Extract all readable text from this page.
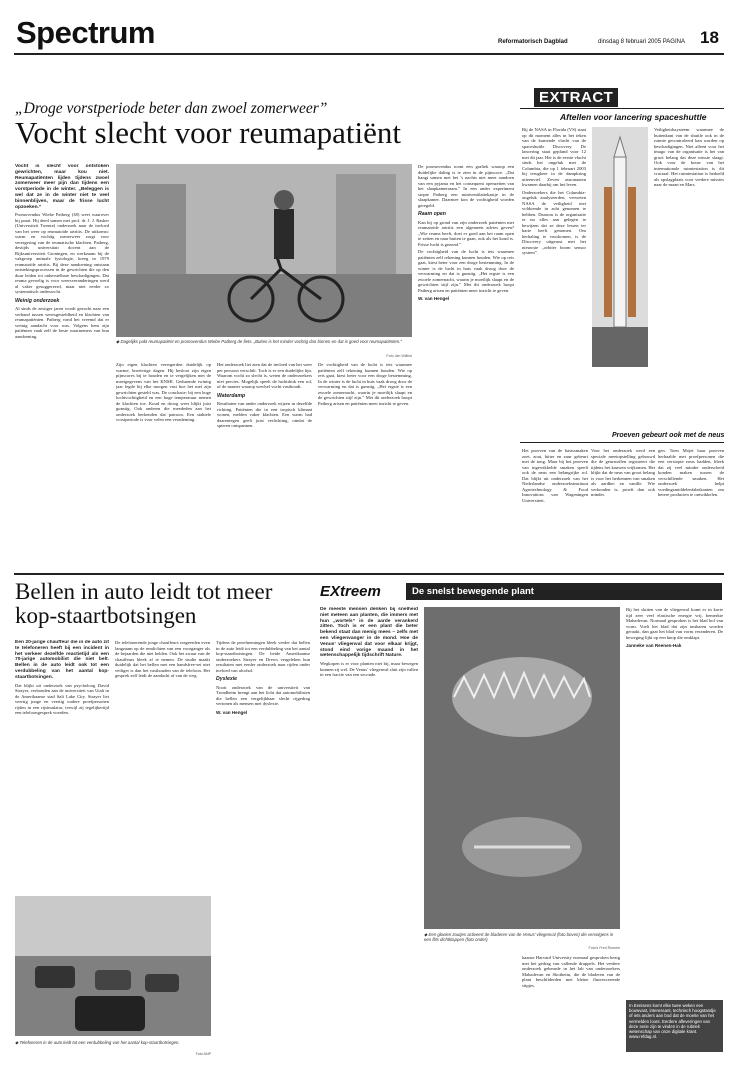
Spectrum	Reformatorisch Dagblad	dinsdag 8 februari 2005 PAGINA 18
„Droge vorstperiode beter dan zwoel zomerweer”
Vocht slecht voor reumapatiënt

Vocht is slecht voor ontstoken gewrichten, maar kou niet. Reumapatiënten lijden tijdens zwoel zomerweer meer pijn dan tijdens een vorstperiode in de winter. „Beleggen is wel dat ze in de winter niet te veel binnenblijven, maar de frisse lucht opzoeken.”

Promovendus Wiebe Patberg (38) weet waarover hij praat. Hij deed samen met prof. dr. J. J. Rasker (Universiteit Twente) onderzoek naar de invloed van het weer op reumatoïde artritis. De uitkomst: warm en vochtig zomerweer zorgt voor verergering van de reumatische klachten. Patberg, destijds universitair docent aan de Rijksuniversiteit Groningen, en werkzaam bij de vakgroep animale fysiologie, kreeg in 1979 reumatoïde artritis. Bij deze aandoening ontstaan ontstekingsprocessen in de gewrichten die op den duur leiden tot onherstelbare beschadigingen. Dat reuma gevoelig is voor weersveranderingen werd al vaker gesuggereerd, maar niet eerder zo systematisch onderzocht.

Weinig onderzoek

Al sinds de zestiger jaren wordt gezocht naar een verband tussen weersgesteldheid en klachten van reumapatiënten. Patberg vond het vreemd dat er weinig aandacht voor was. Volgens hem zijn patiënten vaak zelf de beste waarnemers van hun aandoening.

◆ Dagelijks pakt reumapatiënt en promovendus Wiebe Patberg de fiets. „Buiten is het minder vochtig dan binnen en dat is goed voor reumapatiënten.”
Foto Jan Wiltink

Zijn eigen klachten verergerden duidelijk op warme, broeierige dagen. Hij besloot zijn eigen pijnscores bij te houden en te vergelijken met de meetgegevens van het KNMI. Gedurende twintig jaar legde hij elke morgen vast hoe het met zijn gewrichten gesteld was. De conclusie: bij een hoge luchtvochtigheid en een hoge temperatuur nemen de klachten toe. Koud en droog weer blijkt juist gunstig. Ook anderen die meededen aan het onderzoek herkenden dat patroon. Een stabiele vorstperiode is voor velen een verademing.

Het onderzoek liet zien dat de invloed van het weer per persoon verschilt. Toch is er een duidelijke lijn. Waarom vocht zo slecht is, weten de onderzoekers niet precies. Mogelijk speelt de luchtdruk een rol, of de manier waarop weefsel vocht vasthoudt.

Waterdamp

Resultaten van ander onderzoek wijzen in dezelfde richting. Patiënten die in een tropisch klimaat wonen, melden vaker klachten. Een warm bad daarentegen geeft juist verlichting, omdat de spieren ontspannen.

De promovendus toont een grafiek waarop een duidelijke daling is te zien in de pijnscore. „Dat hangt samen met het ’s nachts niet meer aandoen van een pyjama en het consequent openzetten van het slaapkamerraam.” In een ander experiment stopte Patberg een miniventilatiekastje in de slaapkamer. Daarmee kon de vochtigheid worden geregeld.

Raam open

Kan hij op grond van zijn onderzoek patiënten met reumatoïde artritis een algemeen advies geven? „Wie reuma heeft, doet er goed aan het raam open te zetten en naar buiten te gaan, ook als het koud is. Frisse lucht is gezond.”

De vochtigheid van de lucht is iets waarmee patiënten zelf rekening kunnen houden. Wie op reis gaat, kiest beter voor een droge bestemming. In de winter is de lucht in huis vaak droog door de verwarming en dat is gunstig. „Het ergste is een zwoele zomernacht, waarin je moeilijk slaapt en de gewrichten stijf zijn.” Met dit onderzoek hoopt Patberg artsen en patiënten meer inzicht te geven.

W. van Hengel

De vochtigheid van de lucht is iets waarmee patiënten zelf rekening kunnen houden. Wie op reis gaat, kiest beter voor een droge bestemming. In de winter is de lucht in huis vaak droog door de verwarming en dat is gunstig. „Het ergste is een zwoele zomernacht, waarin je moeilijk slaapt en de gewrichten stijf zijn.” Met dit onderzoek hoopt Patberg artsen en patiënten meer inzicht te geven.

EXTRACT
Aftellen voor lancering spaceshuttle

Bij de NASA in Florida (VS) staat op dit moment alles in het teken van de komende vlucht van de spaceshuttle Discovery. De lancering staat gepland voor 12 mei dit jaar. Het is de eerste vlucht sinds het ongeluk met de Columbia, die op 1 februari 2003 bij terugkeer in de dampkring uiteenviel. Zeven astronauten kwamen daarbij om het leven.

Onderzoekers die het Columbia-ongeluk analyseerden, verweten NASA de veiligheid niet voldoende in acht genomen te hebben. Daarom is de organisatie er nu alles aan gelegen te bewijzen dat ze deze lessen ter harte heeft genomen. Om herhaling te voorkomen, is de Discovery uitgerust met het nieuwste „orbiter boom sensor system”.

Veiligheidssysteem waarmee de buitenkant van de shuttle ook in de ruimte gecontroleerd kan worden op beschadigingen. Niet alleen voor het imago van de organisatie is het van groot belang dat deze missie slaagt. Ook voor de bouw van het internationale ruimtestation is dit cruciaal. Het ruimtestation is bedoeld als opslagplaats voor verdere missies naar de maan en Mars.

Proeven gebeurt ook met de neus

Het proeven van de basissmaken zoet, zout, bitter en zuur gebeurt met de tong. Maar bij het proeven van ingewikkelde smaken speelt ook de neus een belangrijke rol. Dat blijkt uit onderzoek van het Nederlandse onderzoeksinstituut Agrotechnology & Food Innovations van Wageningen Universiteit.

Voor het onderzoek werd een speciale meetopstelling gebouwd die de geurstoffen registreert die tijdens het kauwen vrijkomen. Het blijkt dat de neus van groot belang is voor het herkennen van smaken als aardbei en vanille. Wie verkouden is, proeft dan ook minder.

gen. Toen Mojet haar proeven herhaalde met proefpersonen die een verstopte neus hadden, bleek dat zij veel minder onderscheid konden maken tussen de verschillende smaken. Het onderzoek helpt voedingsmiddelenfabrikanten om betere producten te ontwikkelen.

Bellen in auto leidt tot meer kop-staartbotsingen

Een 20-jarige chauffeur die in de auto zit te telefoneren heeft bij een incident in het verkeer dezelfde reactietijd als een 70-jarige automobilist die niet belt. Bellen in de auto leidt ook tot een verdubbeling van het aantal kop-staartbotsingen.

Dat blijkt uit onderzoek van psycholoog David Strayer, verbonden aan de universiteit van Utah in de Amerikaanse stad Salt Lake City. Strayer liet veertig jonge en veertig oudere proefpersonen rijden in een rijsimulator, terwijl zij tegelijkertijd een telefoongesprek voerden.

De telefonerende jonge chauffeurs reageerden even langzaam op de remlichten van een voorganger als de bejaarden die niet belden. Ook het zwaar van de chauffeurs bleek af te nemen. De studie maakt duidelijk dat het bellen met een handsfree-set niet veiliger is dan het vasthouden van de telefoon. Het gesprek zelf leidt de aandacht af van de weg.

Tijdens de proefnemingen bleek verder dat bellen in de auto leidt tot een verdubbeling van het aantal kop-staartbotsingen. De beide Amerikaanse onderzoekers Strayer en Drews vergeleken hun resultaten met eerder onderzoek naar rijden onder invloed van alcohol.

Dyslexie

Nooit onderzoek van de universiteit van Trondheim brengt aan het licht dat automobilisten die bellen een vergelijkbaar slecht rijgedrag vertonen als mensen met dyslexie.

W. van Hengel
◆ Telefoneren in de auto leidt tot een verdubbeling van het aantal kop-staartbotsingen.
Foto ANP
EXtreem	De snelst bewegende plant

De meeste mensen denken bij snelheid niet meteen aan planten, die immers met hun „wortels” in de aarde verankerd zitten. Toch is er een plant die beter bekend staat dan menig mees – zelfs met een vliegenvanger in de mond. Hoe de Venus’ vliegenval dat voor elkaar krijgt, stond eind vorige maand in het wetenschappelijk tijdschrift Nature.

Wegkopen is er voor planten niet bij, maar bewegen kunnen zij wel. De Venus’ vliegenval sluit zijn vallen in een fractie van een seconde.

◆ Een gloeien zoutjes activeert de bladeren van de Venus’ vliegenval (foto boven) die vervolgens in een flits dichtklappen (foto onder).
Foto’s Fred Romein

kaanse Harvard University normaal gesproken bezig met het gedrag van vallende druppels. Het verdere onderzoek gebeurde in het lab van onderzoekers Mahadevan en Skotheim, die de bladeren van de plant beschilderden met kleine fluorescerende stipjes.

Bij het sluiten van de vliegenval komt er in korte tijd zeer veel elastische energie vrij, bemerkte Mahadevan. Normaal gesproken is het blad bol van vorm. Voelt het blad dat zijn tastharen worden geraakt, dan gaat het blad van vorm veranderen. De beweging lijkt op een knop die omklapt.

Janneke van Reenen-Hak
In Eenisens komt elke twee weken een bouwvast, interessant, technisch hoogstandje of iets anders aan bod dat de moeite van het vermelden loont. Eerdere afleveringen van deze serie zijn te vinden in de rubriek wetenschap van onze digitale krant. www.refdag.nl.
